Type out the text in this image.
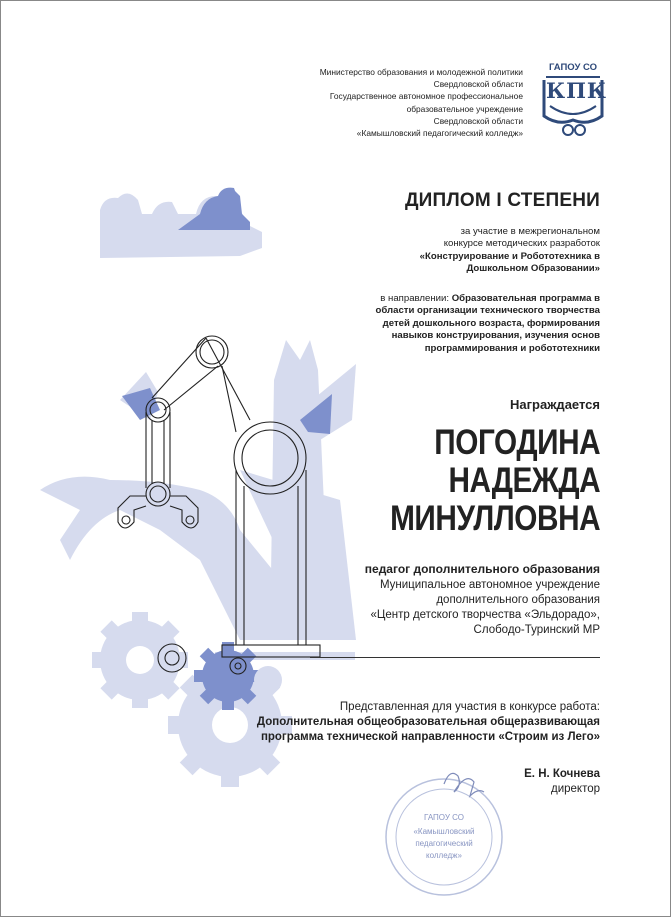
Министерство образования и молодежной политики
Свердловской области
Государственное автономное профессиональное
образовательное учреждение
Свердловской области
«Камышловский педагогический колледж»
ГАПОУ СО
КПК
ДИПЛОМ I СТЕПЕНИ
за участие в межрегиональном
конкурсе методических разработок
«Конструирование и Робототехника в Дошкольном Образовании»
в направлении: Образовательная программа в области организации технического творчества детей дошкольного возраста, формирования навыков конструирования, изучения основ программирования и робототехники
Награждается
ПОГОДИНА
НАДЕЖДА
МИНУЛЛОВНА
педагог дополнительного образования
Муниципальное автономное учреждение
дополнительного образования
«Центр детского творчества «Эльдорадо»,
Слободо-Туринский МР
Представленная для участия в конкурсе работа:
Дополнительная общеобразовательная общеразвивающая
программа технической направленности «Строим из Лего»
ГАПОУ СО
«Камышловский
педагогический
колледж»
Е. Н. Кочнева
директор
